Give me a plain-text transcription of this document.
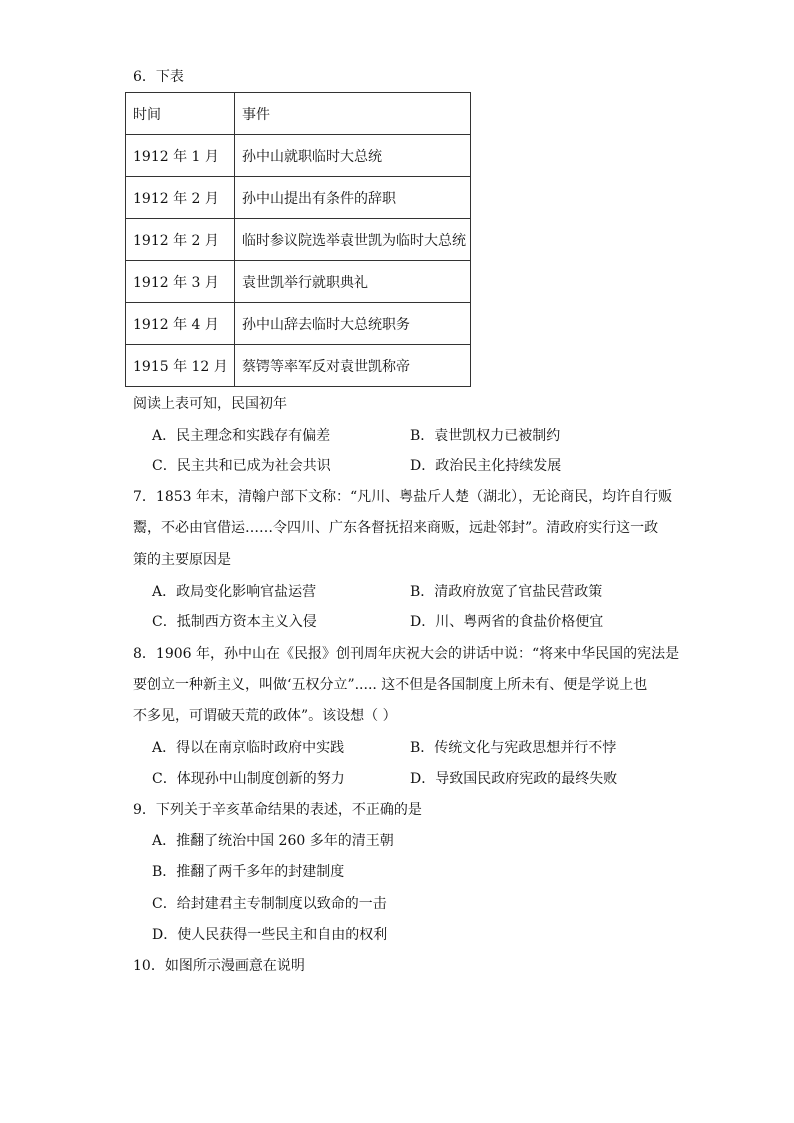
6．下表
时间	事件
1912 年 1 月	孙中山就职临时大总统
1912 年 2 月	孙中山提出有条件的辞职
1912 年 2 月	临时参议院选举袁世凯为临时大总统
1912 年 3 月	袁世凯举行就职典礼
1912 年 4 月	孙中山辞去临时大总统职务
1915 年 12 月	蔡锷等率军反对袁世凯称帝
阅读上表可知，民国初年
A．民主理念和实践存有偏差	B．袁世凯权力已被制约
C．民主共和已成为社会共识	D．政治民主化持续发展
7．1853 年末，清翰户部下文称：“凡川、粤盐斤人楚（湖北），无论商民，均许自行贩
鬻，不必由官借运……令四川、广东各督抚招来商贩，远赴邻封”。清政府实行这一政
策的主要原因是
A．政局变化影响官盐运营	B．清政府放宽了官盐民营政策
C．抵制西方资本主义入侵	D．川、粤两省的食盐价格便宜
8．1906 年，孙中山在《民报》创刊周年庆祝大会的讲话中说：“将来中华民国的宪法是
要创立一种新主义，叫做‘五权分立”..... 这不但是各国制度上所未有、便是学说上也
不多见，可谓破天荒的政体”。该设想（ ）
A．得以在南京临时政府中实践	B．传统文化与宪政思想并行不悖
C．体现孙中山制度创新的努力	D．导致国民政府宪政的最终失败
9．下列关于辛亥革命结果的表述，不正确的是
A．推翻了统治中国 260 多年的清王朝
B．推翻了两千多年的封建制度
C．给封建君主专制制度以致命的一击
D．使人民获得一些民主和自由的权利
10．如图所示漫画意在说明
